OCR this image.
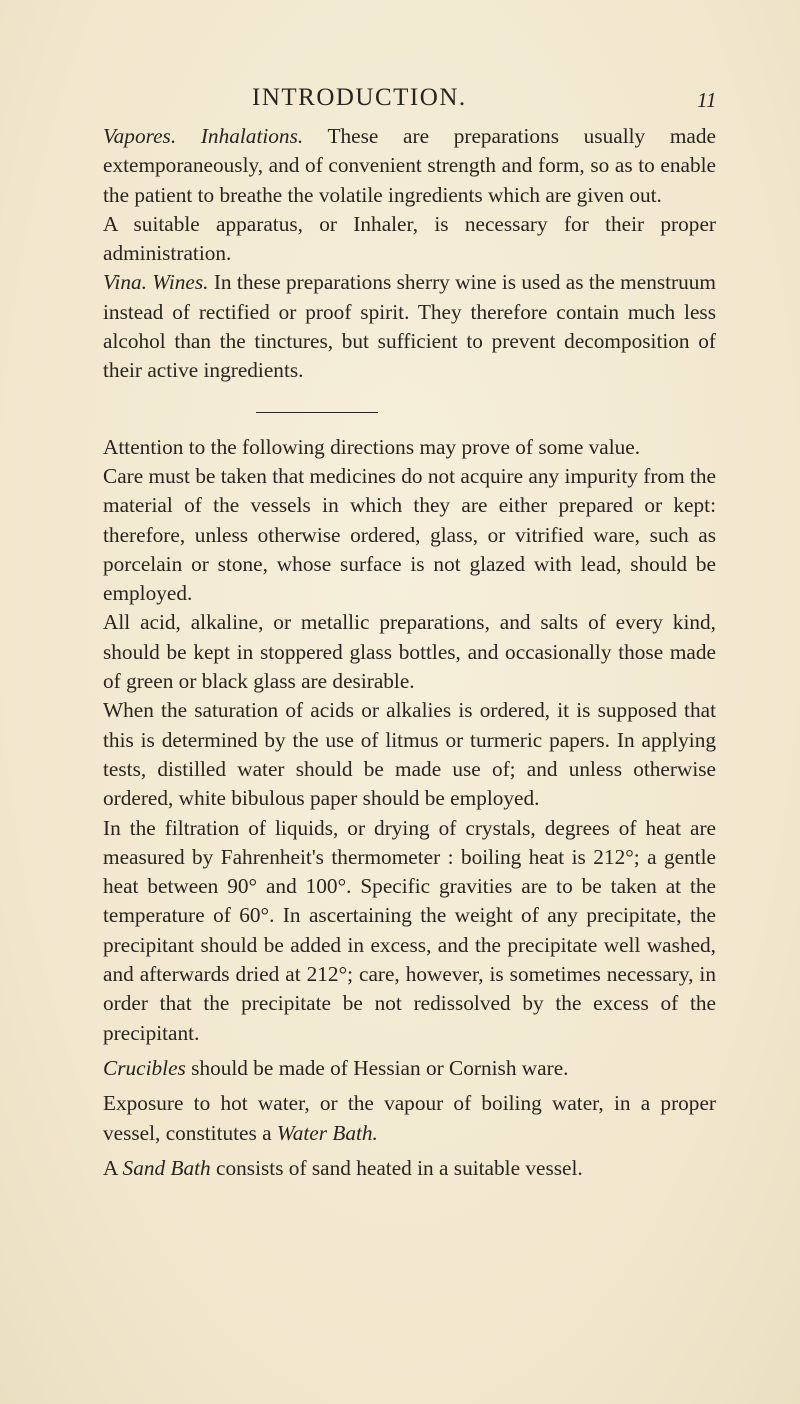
INTRODUCTION.	11

Vapores. Inhalations. These are preparations usually made extemporaneously, and of convenient strength and form, so as to enable the patient to breathe the volatile ingredients which are given out.

A suitable apparatus, or Inhaler, is necessary for their proper administration.

Vina. Wines. In these preparations sherry wine is used as the menstruum instead of rectified or proof spirit. They therefore contain much less alcohol than the tinctures, but sufficient to prevent decomposition of their active ingredients.

Attention to the following directions may prove of some value.

Care must be taken that medicines do not acquire any impurity from the material of the vessels in which they are either prepared or kept: therefore, unless otherwise ordered, glass, or vitrified ware, such as porcelain or stone, whose surface is not glazed with lead, should be employed.

All acid, alkaline, or metallic preparations, and salts of every kind, should be kept in stoppered glass bottles, and occasionally those made of green or black glass are desirable.

When the saturation of acids or alkalies is ordered, it is supposed that this is determined by the use of litmus or turmeric papers. In applying tests, distilled water should be made use of; and unless otherwise ordered, white bibulous paper should be employed.

In the filtration of liquids, or drying of crystals, degrees of heat are measured by Fahrenheit's thermometer : boiling heat is 212°; a gentle heat between 90° and 100°. Specific gravities are to be taken at the temperature of 60°. In ascertaining the weight of any precipitate, the precipitant should be added in excess, and the precipitate well washed, and afterwards dried at 212°; care, however, is sometimes necessary, in order that the precipitate be not redissolved by the excess of the precipitant.

Crucibles should be made of Hessian or Cornish ware.

Exposure to hot water, or the vapour of boiling water, in a proper vessel, constitutes a Water Bath.

A Sand Bath consists of sand heated in a suitable vessel.
